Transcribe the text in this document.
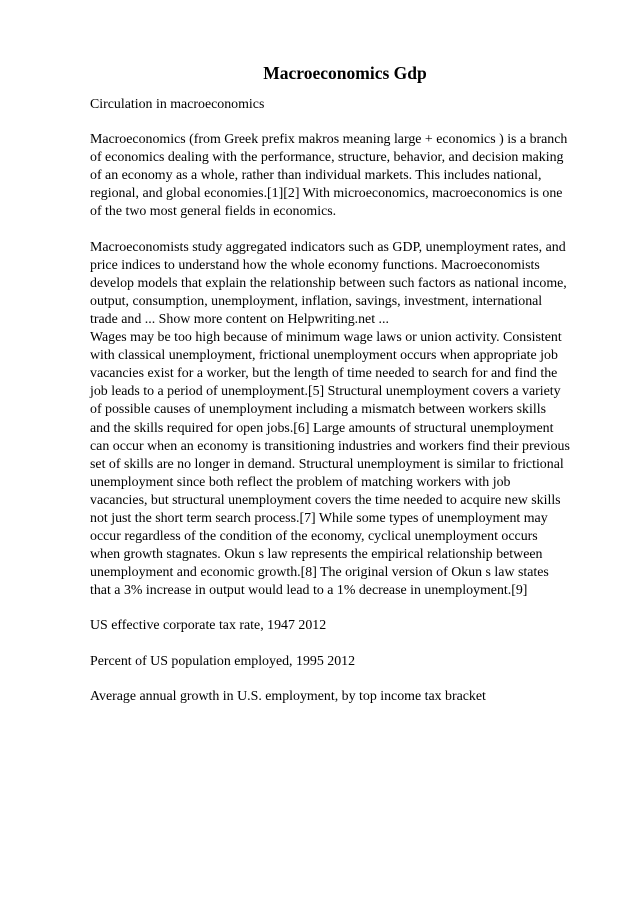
Macroeconomics Gdp
Circulation in macroeconomics
Macroeconomics (from Greek prefix makros meaning large + economics ) is a branch
of economics dealing with the performance, structure, behavior, and decision making
of an economy as a whole, rather than individual markets. This includes national,
regional, and global economies.[1][2] With microeconomics, macroeconomics is one
of the two most general fields in economics.
Macroeconomists study aggregated indicators such as GDP, unemployment rates, and
price indices to understand how the whole economy functions. Macroeconomists
develop models that explain the relationship between such factors as national income,
output, consumption, unemployment, inflation, savings, investment, international
trade and ... Show more content on Helpwriting.net ...
Wages may be too high because of minimum wage laws or union activity. Consistent
with classical unemployment, frictional unemployment occurs when appropriate job
vacancies exist for a worker, but the length of time needed to search for and find the
job leads to a period of unemployment.[5] Structural unemployment covers a variety
of possible causes of unemployment including a mismatch between workers skills
and the skills required for open jobs.[6] Large amounts of structural unemployment
can occur when an economy is transitioning industries and workers find their previous
set of skills are no longer in demand. Structural unemployment is similar to frictional
unemployment since both reflect the problem of matching workers with job
vacancies, but structural unemployment covers the time needed to acquire new skills
not just the short term search process.[7] While some types of unemployment may
occur regardless of the condition of the economy, cyclical unemployment occurs
when growth stagnates. Okun s law represents the empirical relationship between
unemployment and economic growth.[8] The original version of Okun s law states
that a 3% increase in output would lead to a 1% decrease in unemployment.[9]
US effective corporate tax rate, 1947 2012
Percent of US population employed, 1995 2012
Average annual growth in U.S. employment, by top income tax bracket
